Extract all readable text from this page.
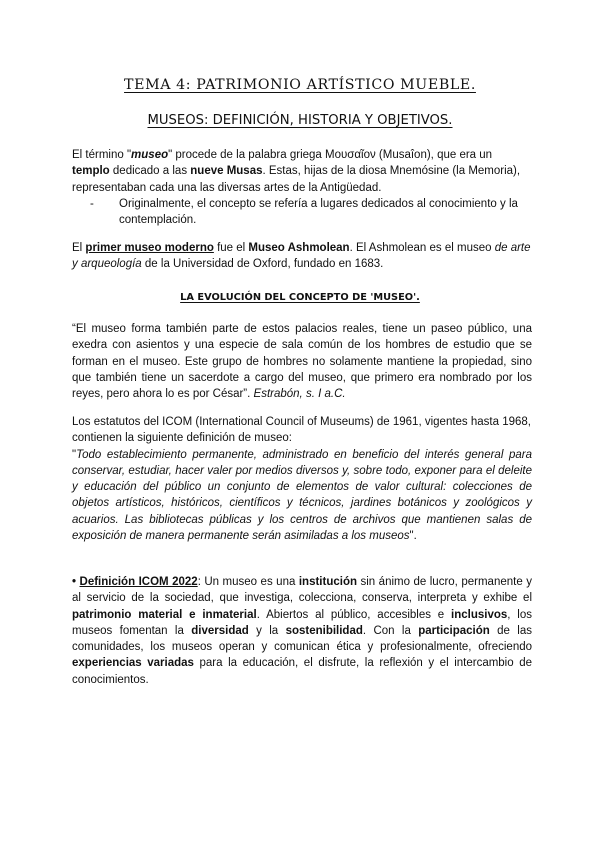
TEMA 4: PATRIMONIO ARTÍSTICO MUEBLE.
MUSEOS: DEFINICIÓN, HISTORIA Y OBJETIVOS.

El término "museo" procede de la palabra griega Μουσαῖον (Musaîon), que era un templo dedicado a las nueve Musas. Estas, hijas de la diosa Mnemósine (la Memoria), representaban cada una las diversas artes de la Antigüedad.

-	Originalmente, el concepto se refería a lugares dedicados al conocimiento y la contemplación.

El primer museo moderno fue el Museo Ashmolean. El Ashmolean es el museo de arte y arqueología de la Universidad de Oxford, fundado en 1683.

LA EVOLUCIÓN DEL CONCEPTO DE 'MUSEO'.

“El museo forma también parte de estos palacios reales, tiene un paseo público, una exedra con asientos y una especie de sala común de los hombres de estudio que se forman en el museo. Este grupo de hombres no solamente mantiene la propiedad, sino que también tiene un sacerdote a cargo del museo, que primero era nombrado por los reyes, pero ahora lo es por César”. Estrabón, s. I a.C.

Los estatutos del ICOM (International Council of Museums) de 1961, vigentes hasta 1968, contienen la siguiente definición de museo:

"Todo establecimiento permanente, administrado en beneficio del interés general para conservar, estudiar, hacer valer por medios diversos y, sobre todo, exponer para el deleite y educación del público un conjunto de elementos de valor cultural: colecciones de objetos artísticos, históricos, científicos y técnicos, jardines botánicos y zoológicos y acuarios. Las bibliotecas públicas y los centros de archivos que mantienen salas de exposición de manera permanente serán asimiladas a los museos".

• Definición ICOM 2022: Un museo es una institución sin ánimo de lucro, permanente y al servicio de la sociedad, que investiga, colecciona, conserva, interpreta y exhibe el patrimonio material e inmaterial. Abiertos al público, accesibles e inclusivos, los museos fomentan la diversidad y la sostenibilidad. Con la participación de las comunidades, los museos operan y comunican ética y profesionalmente, ofreciendo experiencias variadas para la educación, el disfrute, la reflexión y el intercambio de conocimientos.
